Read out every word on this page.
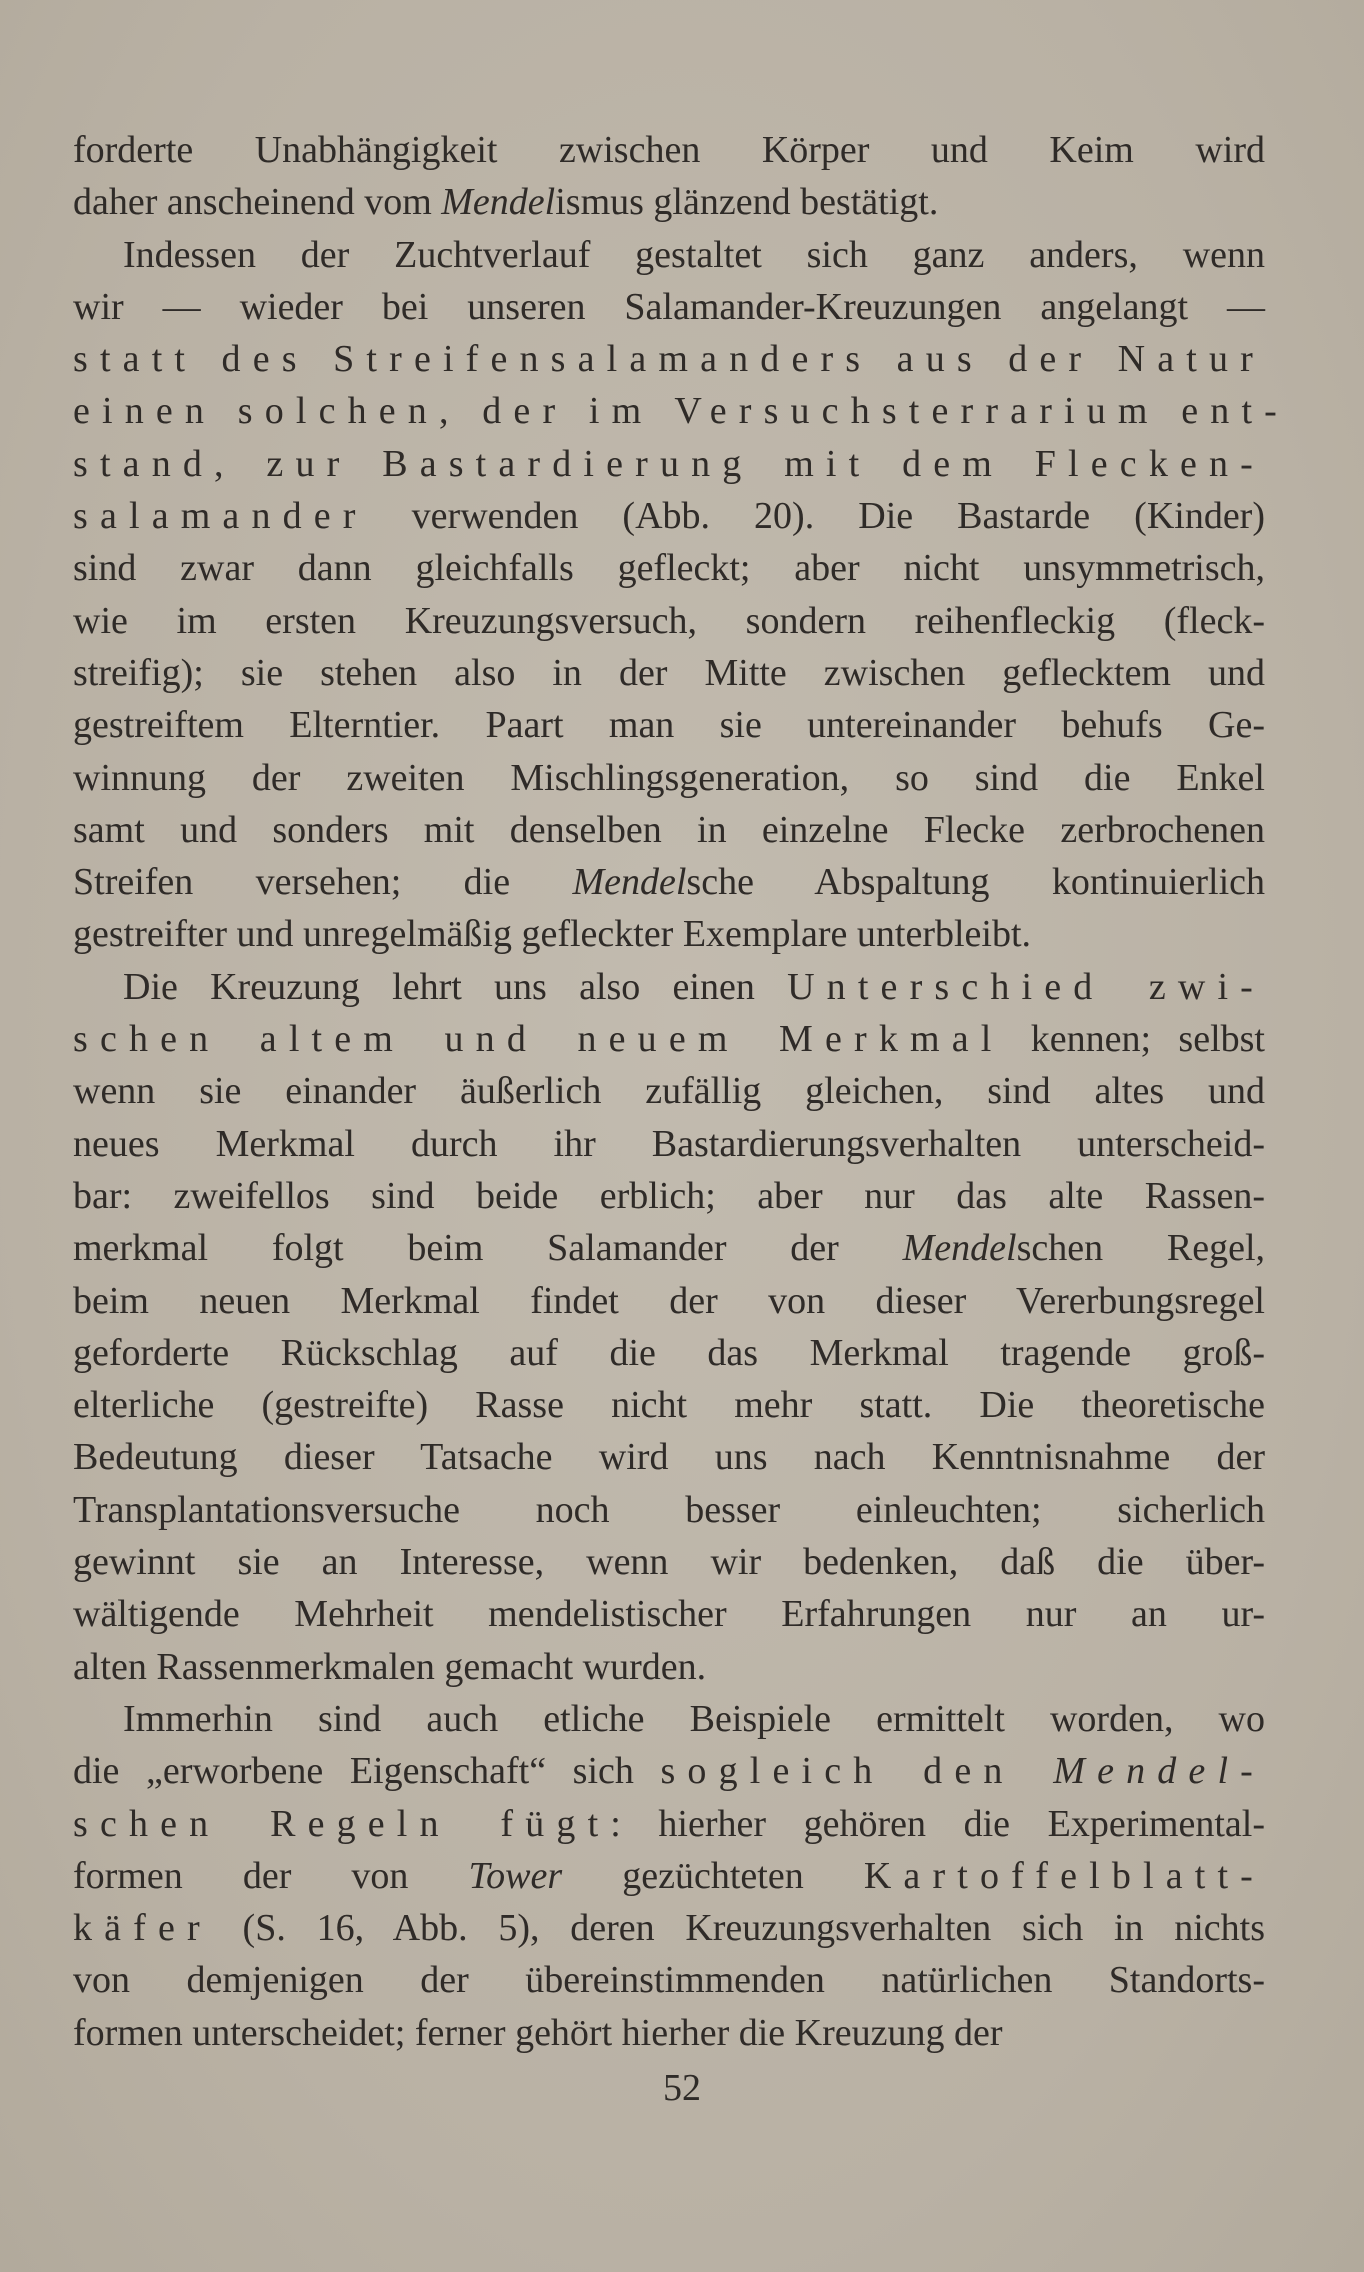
forderte Unabhängigkeit zwischen Körper und Keim wird
daher anscheinend vom Mendelismus glänzend bestätigt.
Indessen der Zuchtverlauf gestaltet sich ganz anders, wenn
wir — wieder bei unseren Salamander-Kreuzungen angelangt —
statt des Streifensalamanders aus der Natur
einen solchen, der im Versuchsterrarium ent-
stand, zur Bastardierung mit dem Flecken-
salamander verwenden (Abb. 20). Die Bastarde (Kinder)
sind zwar dann gleichfalls gefleckt; aber nicht unsymmetrisch,
wie im ersten Kreuzungsversuch, sondern reihenfleckig (fleck-
streifig); sie stehen also in der Mitte zwischen geflecktem und
gestreiftem Elterntier. Paart man sie untereinander behufs Ge-
winnung der zweiten Mischlingsgeneration, so sind die Enkel
samt und sonders mit denselben in einzelne Flecke zerbrochenen
Streifen versehen; die Mendelsche Abspaltung kontinuierlich
gestreifter und unregelmäßig gefleckter Exemplare unterbleibt.
Die Kreuzung lehrt uns also einen Unterschied zwi-
schen altem und neuem Merkmal kennen; selbst
wenn sie einander äußerlich zufällig gleichen, sind altes und
neues Merkmal durch ihr Bastardierungsverhalten unterscheid-
bar: zweifellos sind beide erblich; aber nur das alte Rassen-
merkmal folgt beim Salamander der Mendelschen Regel,
beim neuen Merkmal findet der von dieser Vererbungsregel
geforderte Rückschlag auf die das Merkmal tragende groß-
elterliche (gestreifte) Rasse nicht mehr statt. Die theoretische
Bedeutung dieser Tatsache wird uns nach Kenntnisnahme der
Transplantationsversuche noch besser einleuchten; sicherlich
gewinnt sie an Interesse, wenn wir bedenken, daß die über-
wältigende Mehrheit mendelistischer Erfahrungen nur an ur-
alten Rassenmerkmalen gemacht wurden.
Immerhin sind auch etliche Beispiele ermittelt worden, wo
die „erworbene Eigenschaft“ sich sogleich den Mendel-
schen Regeln fügt: hierher gehören die Experimental-
formen der von Tower gezüchteten Kartoffelblatt-
käfer (S. 16, Abb. 5), deren Kreuzungsverhalten sich in nichts
von demjenigen der übereinstimmenden natürlichen Standorts-
formen unterscheidet; ferner gehört hierher die Kreuzung der
52
